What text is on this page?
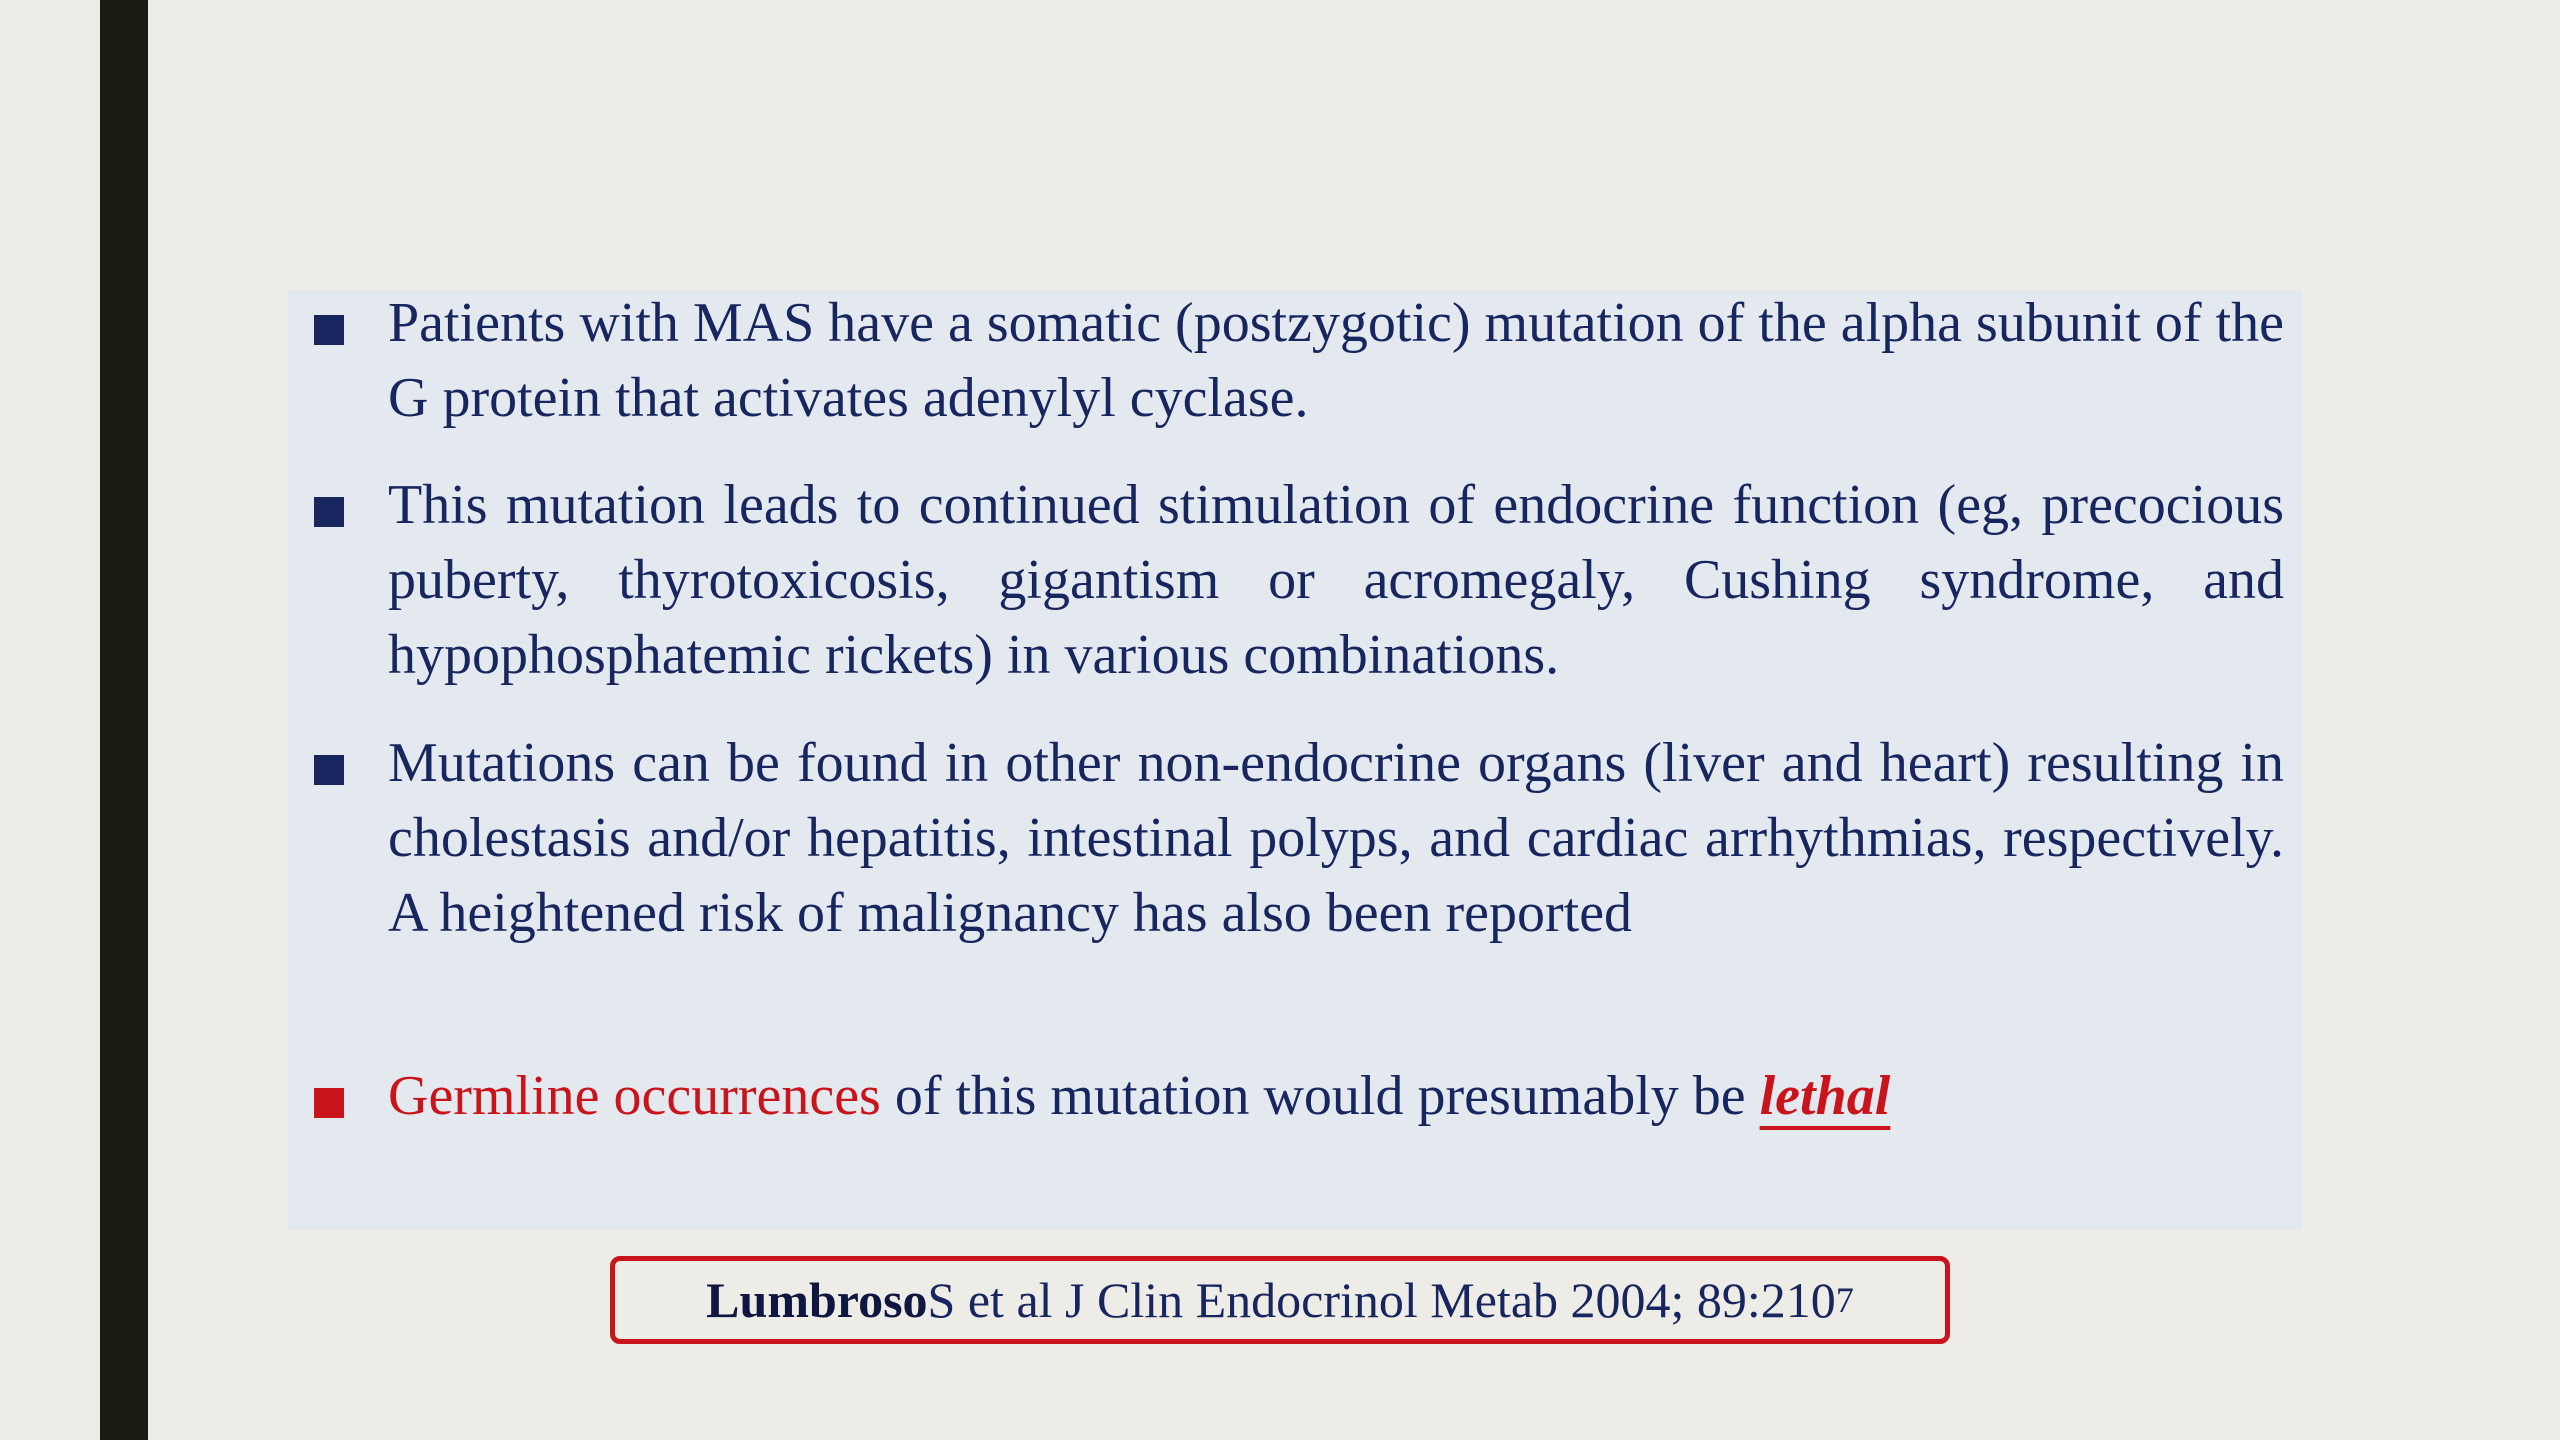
Patients with MAS have a somatic (postzygotic) mutation of the alpha subunit of the G protein that activates adenylyl cyclase.

This mutation leads to continued stimulation of endocrine function (eg, precocious puberty, thyrotoxicosis, gigantism or acromegaly, Cushing syndrome, and hypophosphatemic rickets) in various combinations.

Mutations can be found in other non-endocrine organs (liver and heart) resulting in cholestasis and/or hepatitis, intestinal polyps, and cardiac arrhythmias, respectively. A heightened risk of malignancy has also been reported

Germline occurrences of this mutation would presumably be lethal

Lumbroso S et al J Clin Endocrinol Metab 2004; 89:210 7
